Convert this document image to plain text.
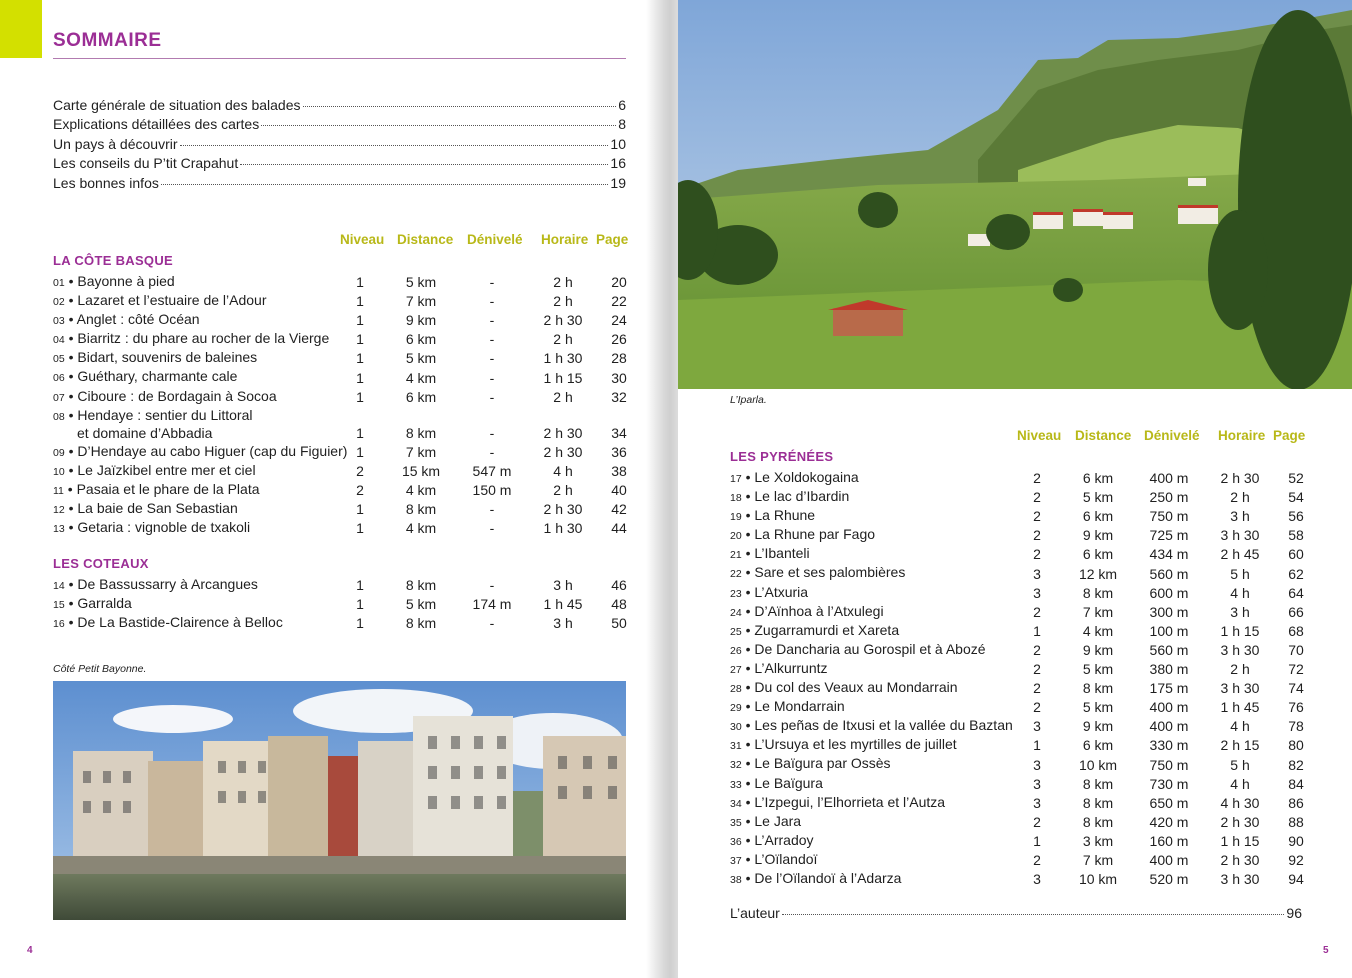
SOMMAIRE
Carte générale de situation des balades	6
Explications détaillées des cartes	8
Un pays à découvrir	10
Les conseils du P’tit Crapahut	16
Les bonnes infos	19
Niveau Distance Dénivelé Horaire Page
LA CÔTE BASQUE
01 • Bayonne à pied	1	5 km	-	2 h	20
02 • Lazaret et l’estuaire de l’Adour	1	7 km	-	2 h	22
03 • Anglet : côté Océan	1	9 km	-	2 h 30	24
04 • Biarritz : du phare au rocher de la Vierge	1	6 km	-	2 h	26
05 • Bidart, souvenirs de baleines	1	5 km	-	1 h 30	28
06 • Guéthary, charmante cale	1	4 km	-	1 h 15	30
07 • Ciboure : de Bordagain à Socoa	1	6 km	-	2 h	32
08 • Hendaye : sentier du Littoral
et domaine d’Abbadia	1	8 km	-	2 h 30	34
09 • D’Hendaye au cabo Higuer (cap du Figuier) 1	7 km	-	2 h 30	36
10 • Le Jaïzkibel entre mer et ciel	2	15 km 547 m	4 h	38
11 • Pasaia et le phare de la Plata	2	4 km	150 m	2 h	40
12 • La baie de San Sebastian	1	8 km	-	2 h 30	42
13 • Getaria : vignoble de txakoli	1	4 km	-	1 h 30	44
LES COTEAUX
14 • De Bassussarry à Arcangues	1	8 km	-	3 h	46
15 • Garralda	1	5 km	174 m 1 h 45	48
16 • De La Bastide-Clairence à Belloc	1	8 km	-	3 h	50
Côté Petit Bayonne.
4
L’Iparla.
Niveau Distance Dénivelé Horaire Page
LES PYRÉNÉES
17 • Le Xoldokogaina	2	6 km	400 m 2 h 30	52
18 • Le lac d’Ibardin	2	5 km	250 m	2 h	54
19 • La Rhune	2	6 km	750 m	3 h	56
20 • La Rhune par Fago	2	9 km	725 m 3 h 30	58
21 • L’Ibanteli	2	6 km	434 m 2 h 45	60
22 • Sare et ses palombières	3	12 km 560 m	5 h	62
23 • L’Atxuria	3	8 km	600 m	4 h	64
24 • D’Aïnhoa à l’Atxulegi	2	7 km	300 m	3 h	66
25 • Zugarramurdi et Xareta	1	4 km	100 m 1 h 15	68
26 • De Dancharia au Gorospil et à Abozé	2	9 km	560 m 3 h 30	70
27 • L’Alkurruntz	2	5 km	380 m	2 h	72
28 • Du col des Veaux au Mondarrain	2	8 km	175 m 3 h 30	74
29 • Le Mondarrain	2	5 km	400 m 1 h 45	76
30 • Les peñas de Itxusi et la vallée du Baztan	3	9 km	400 m	4 h	78
31 • L’Ursuya et les myrtilles de juillet	1	6 km	330 m 2 h 15	80
32 • Le Baïgura par Ossès	3	10 km 750 m	5 h	82
33 • Le Baïgura	3	8 km	730 m	4 h	84
34 • L’Izpegui, l’Elhorrieta et l’Autza	3	8 km	650 m 4 h 30	86
35 • Le Jara	2	8 km	420 m 2 h 30	88
36 • L’Arradoy	1	3 km	160 m 1 h 15	90
37 • L’Oïlandoï	2	7 km	400 m 2 h 30	92
38 • De l’Oïlandoï à l’Adarza	3	10 km 520 m 3 h 30	94
5
L’auteur	96
